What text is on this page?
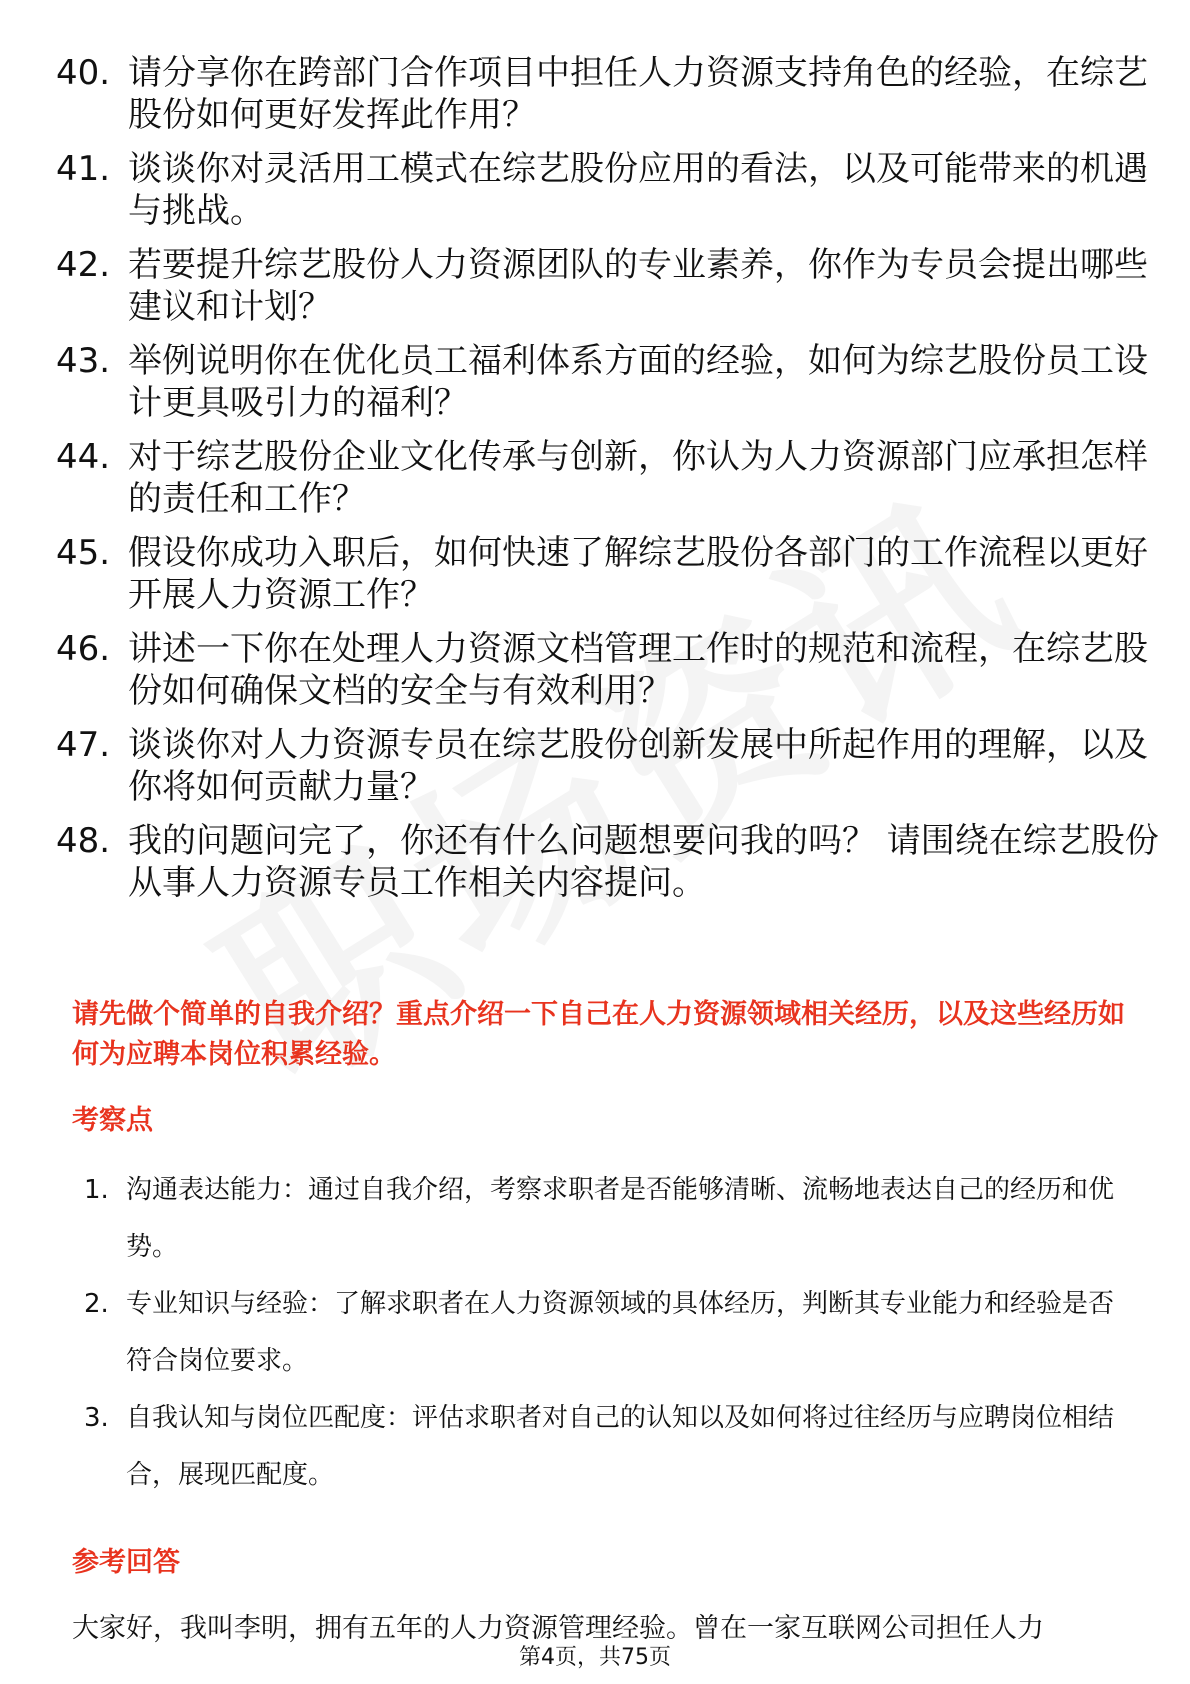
40. 请分享你在跨部门合作项目中担任人力资源支持角色的经验，在综艺股份如何更好发挥此作用？
41. 谈谈你对灵活用工模式在综艺股份应用的看法，以及可能带来的机遇与挑战。
42. 若要提升综艺股份人力资源团队的专业素养，你作为专员会提出哪些建议和计划？
43. 举例说明你在优化员工福利体系方面的经验，如何为综艺股份员工设计更具吸引力的福利？
44. 对于综艺股份企业文化传承与创新，你认为人力资源部门应承担怎样的责任和工作？
45. 假设你成功入职后，如何快速了解综艺股份各部门的工作流程以更好开展人力资源工作？
46. 讲述一下你在处理人力资源文档管理工作时的规范和流程，在综艺股份如何确保文档的安全与有效利用？
47. 谈谈你对人力资源专员在综艺股份创新发展中所起作用的理解，以及你将如何贡献力量？
48. 我的问题问完了，你还有什么问题想要问我的吗？ 请围绕在综艺股份从事人力资源专员工作相关内容提问。
请先做个简单的自我介绍？重点介绍一下自己在人力资源领域相关经历，以及这些经历如何为应聘本岗位积累经验。
考察点
1. 沟通表达能力：通过自我介绍，考察求职者是否能够清晰、流畅地表达自己的经历和优势。
2. 专业知识与经验：了解求职者在人力资源领域的具体经历，判断其专业能力和经验是否符合岗位要求。
3. 自我认知与岗位匹配度：评估求职者对自己的认知以及如何将过往经历与应聘岗位相结合，展现匹配度。
参考回答
大家好，我叫李明，拥有五年的人力资源管理经验。曾在一家互联网公司担任人力
第4页，共75页
